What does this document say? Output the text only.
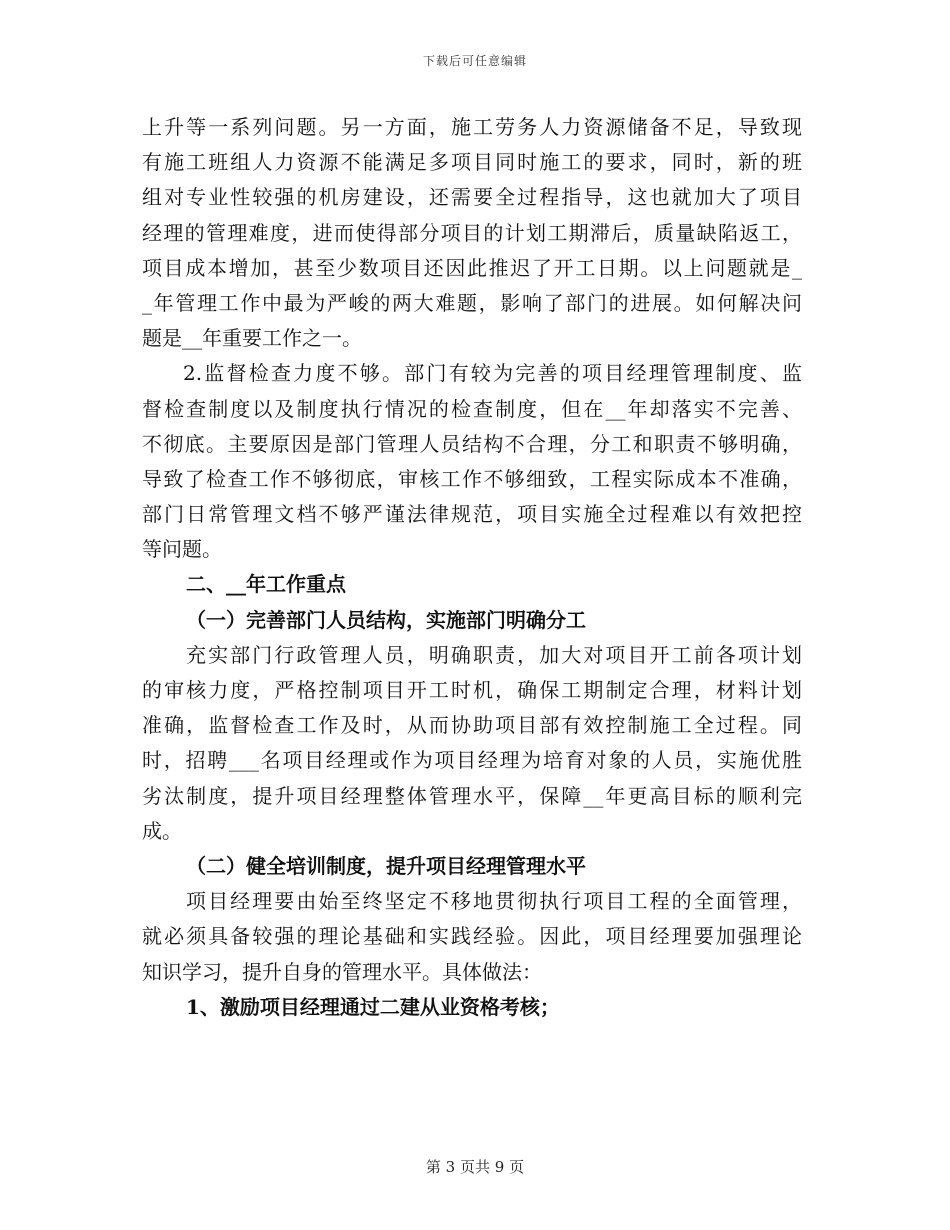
下载后可任意编辑
上升等一系列问题。另一方面，施工劳务人力资源储备不足，导致现
有施工班组人力资源不能满足多项目同时施工的要求，同时，新的班
组对专业性较强的机房建设，还需要全过程指导，这也就加大了项目
经理的管理难度，进而使得部分项目的计划工期滞后，质量缺陷返工，
项目成本增加，甚至少数项目还因此推迟了开工日期。以上问题就是_
_年管理工作中最为严峻的两大难题，影响了部门的进展。如何解决问
题是__年重要工作之一。
2.监督检查力度不够。部门有较为完善的项目经理管理制度、监
督检查制度以及制度执行情况的检查制度，但在__年却落实不完善、
不彻底。主要原因是部门管理人员结构不合理，分工和职责不够明确，
导致了检查工作不够彻底，审核工作不够细致，工程实际成本不准确，
部门日常管理文档不够严谨法律规范，项目实施全过程难以有效把控
等问题。
二、__年工作重点
（一）完善部门人员结构，实施部门明确分工
充实部门行政管理人员，明确职责，加大对项目开工前各项计划
的审核力度，严格控制项目开工时机，确保工期制定合理，材料计划
准确，监督检查工作及时，从而协助项目部有效控制施工全过程。同
时，招聘___名项目经理或作为项目经理为培育对象的人员，实施优胜
劣汰制度，提升项目经理整体管理水平，保障__年更高目标的顺利完
成。
（二）健全培训制度，提升项目经理管理水平
项目经理要由始至终坚定不移地贯彻执行项目工程的全面管理，
就必须具备较强的理论基础和实践经验。因此，项目经理要加强理论
知识学习，提升自身的管理水平。具体做法：
1、激励项目经理通过二建从业资格考核；
第 3 页共 9 页
